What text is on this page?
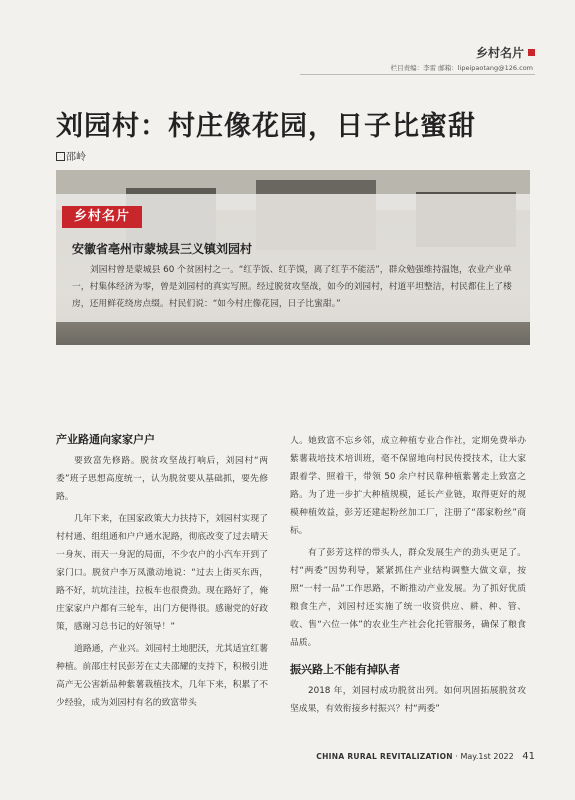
乡村名片
栏目责编：李雷 邮箱：lipeipaotang@126.com
刘园村：村庄像花园，日子比蜜甜
邵岭
乡村名片
安徽省亳州市蒙城县三义镇刘园村

刘园村曾是蒙城县 60 个贫困村之一。“红芋饭、红芋馍，离了红芋不能活”，群众勉强维持温饱，农业产业单一，村集体经济为零，曾是刘园村的真实写照。经过脱贫攻坚战，如今的刘园村，村道平坦整洁，村民都住上了楼房，还用鲜花绕房点缀。村民们说：“如今村庄像花园，日子比蜜甜。”

产业路通向家家户户

要致富先修路。脱贫攻坚战打响后，刘园村“两委”班子思想高度统一，认为脱贫要从基础抓，要先修路。

几年下来，在国家政策大力扶持下，刘园村实现了村村通、组组通和户户通水泥路，彻底改变了过去晴天一身灰、雨天一身泥的局面，不少农户的小汽车开到了家门口。脱贫户李万凤激动地说：“过去上街买东西，路不好，坑坑洼洼，拉板车也很费劲。现在路好了，俺庄家家户户都有三轮车，出门方便得很。感谢党的好政策，感谢习总书记的好领导！”

道路通，产业兴。刘园村土地肥沃，尤其适宜红薯种植。前邵庄村民彭芳在丈夫邵耀的支持下，积极引进高产无公害新品种紫薯栽植技术，几年下来，积累了不少经验，成为刘园村有名的致富带头

人。她致富不忘乡邻，成立种植专业合作社，定期免费举办紫薯栽培技术培训班，毫不保留地向村民传授技术，让大家跟着学、照着干，带领 50 余户村民靠种植紫薯走上致富之路。为了进一步扩大种植规模，延长产业链，取得更好的规模种植效益，彭芳还建起粉丝加工厂，注册了“邵家粉丝”商标。

有了彭芳这样的带头人，群众发展生产的劲头更足了。村“两委”因势利导，紧紧抓住产业结构调整大做文章，按照“一村一品”工作思路，不断推动产业发展。为了抓好优质粮食生产，刘园村还实施了统一收资供应、耕、种、管、收、售“六位一体”的农业生产社会化托管服务，确保了粮食品质。

振兴路上不能有掉队者

2018 年，刘园村成功脱贫出列。如何巩固拓展脱贫攻坚成果，有效衔接乡村振兴？村“两委”

CHINA RURAL REVITALIZATION · May.1st 2022 41
